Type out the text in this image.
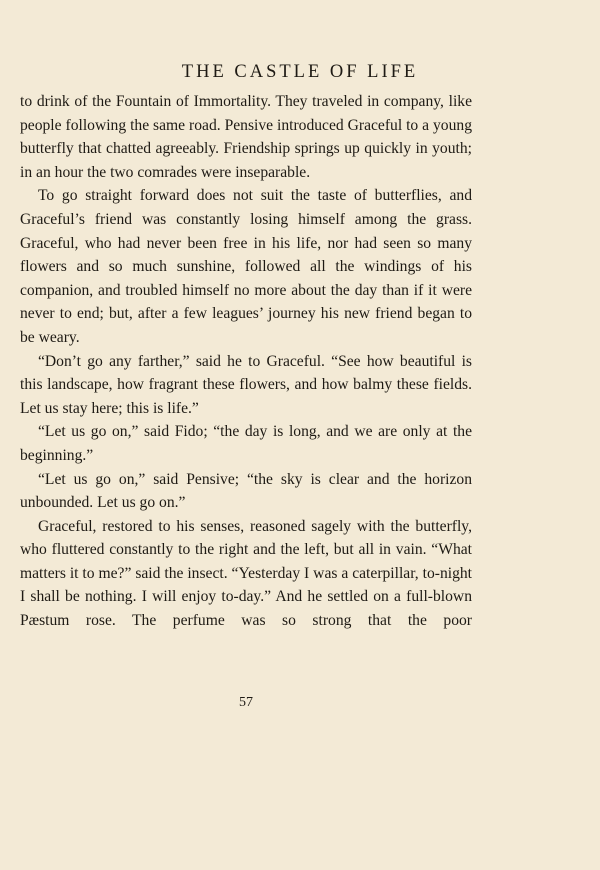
THE CASTLE OF LIFE

to drink of the Fountain of Immortality. They traveled in company, like people following the same road. Pensive introduced Graceful to a young butterfly that chatted agreeably. Friendship springs up quickly in youth; in an hour the two comrades were inseparable.

To go straight forward does not suit the taste of butterflies, and Graceful’s friend was constantly losing himself among the grass. Graceful, who had never been free in his life, nor had seen so many flowers and so much sunshine, followed all the windings of his companion, and troubled himself no more about the day than if it were never to end; but, after a few leagues’ journey his new friend began to be weary.

“Don’t go any farther,” said he to Graceful. “See how beautiful is this landscape, how fragrant these flowers, and how balmy these fields. Let us stay here; this is life.”

“Let us go on,” said Fido; “the day is long, and we are only at the beginning.”

“Let us go on,” said Pensive; “the sky is clear and the horizon unbounded. Let us go on.”

Graceful, restored to his senses, reasoned sagely with the butterfly, who fluttered constantly to the right and the left, but all in vain. “What matters it to me?” said the insect. “Yesterday I was a caterpillar, to-night I shall be nothing. I will enjoy to-day.” And he settled on a full-blown Pæstum rose. The perfume was so strong that the poor

57
